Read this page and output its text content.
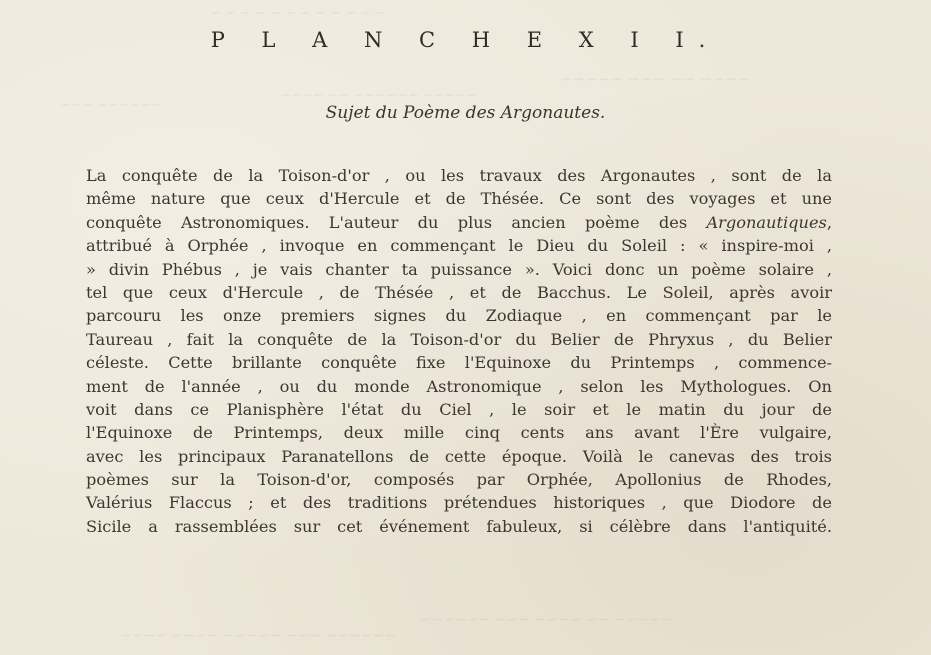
~ ~ ~ ~ ~ ~ ~ ~ ~ ~ ~ ~
~~~~ ~~ ~~~ ~~~~~
~~~~~ ~~~~~~ ~~ ~~~~
~~~~~~ ~~~
~~~~~ ~~ ~~~~ ~~~ ~~~~~~
~~~~~~ ~~~ ~~~~~ ~~~~ ~~~~
P L A N C H E X I I.

Sujet du Poème des Argonautes.

La conquête de la Toison-d'or , ou les travaux des Argonautes , sont de la
même nature que ceux d'Hercule et de Thésée. Ce sont des voyages et une
conquête Astronomiques. L'auteur du plus ancien poème des Argonautiques,
attribué à Orphée , invoque en commençant le Dieu du Soleil : « inspire-moi ,
» divin Phébus , je vais chanter ta puissance ». Voici donc un poème solaire ,
tel que ceux d'Hercule , de Thésée , et de Bacchus. Le Soleil, après avoir
parcouru les onze premiers signes du Zodiaque , en commençant par le
Taureau , fait la conquête de la Toison-d'or du Belier de Phryxus , du Belier
céleste. Cette brillante conquête fixe l'Equinoxe du Printemps , commence-
ment de l'année , ou du monde Astronomique , selon les Mythologues. On
voit dans ce Planisphère l'état du Ciel , le soir et le matin du jour de
l'Equinoxe de Printemps, deux mille cinq cents ans avant l'Ère vulgaire,
avec les principaux Paranatellons de cette époque. Voilà le canevas des trois
poèmes sur la Toison-d'or, composés par Orphée, Apollonius de Rhodes,
Valérius Flaccus ; et des traditions prétendues historiques , que Diodore de
Sicile a rassemblées sur cet événement fabuleux, si célèbre dans l'antiquité.
